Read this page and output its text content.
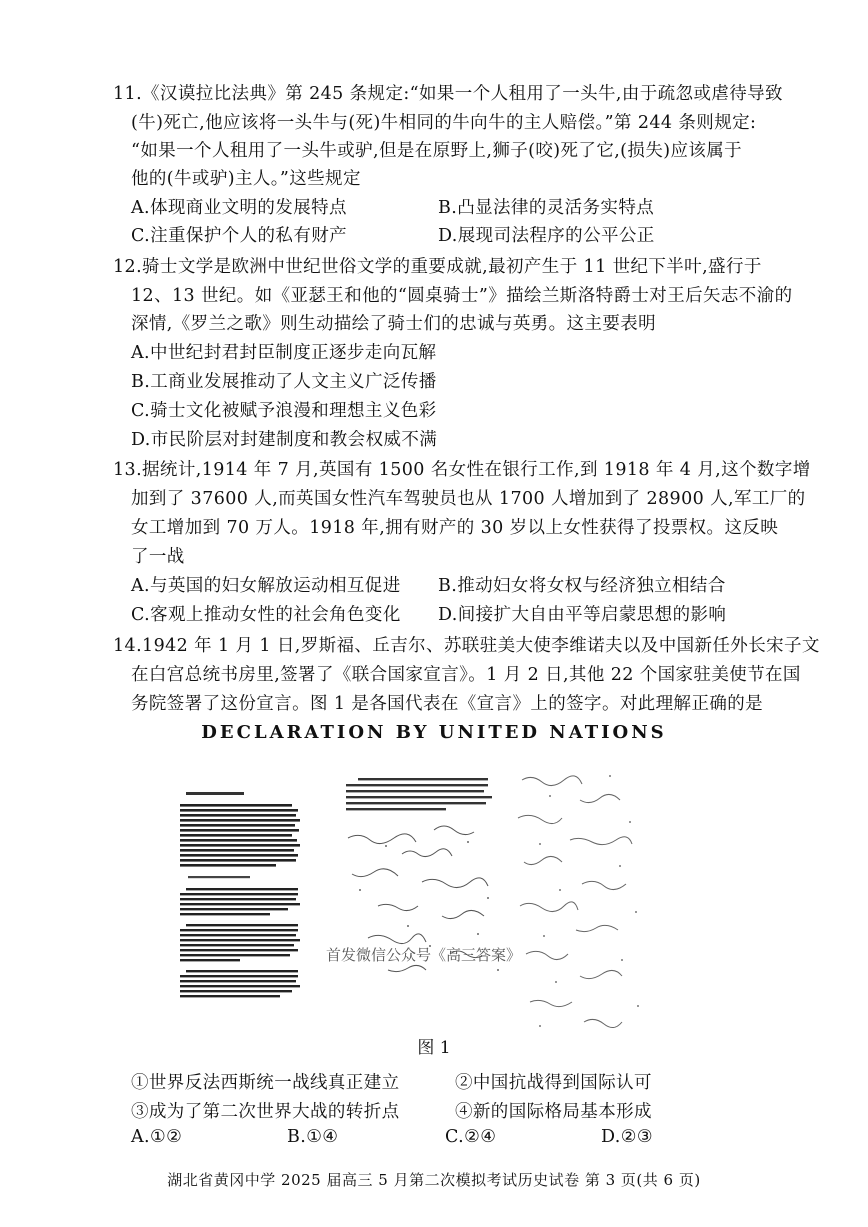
11.《汉谟拉比法典》第 245 条规定:“如果一个人租用了一头牛,由于疏忽或虐待导致
(牛)死亡,他应该将一头牛与(死)牛相同的牛向牛的主人赔偿。”第 244 条则规定:
“如果一个人租用了一头牛或驴,但是在原野上,狮子(咬)死了它,(损失)应该属于
他的(牛或驴)主人。”这些规定
A.体现商业文明的发展特点	B.凸显法律的灵活务实特点
C.注重保护个人的私有财产	D.展现司法程序的公平公正
12.骑士文学是欧洲中世纪世俗文学的重要成就,最初产生于 11 世纪下半叶,盛行于
12、13 世纪。如《亚瑟王和他的“圆桌骑士”》描绘兰斯洛特爵士对王后矢志不渝的
深情,《罗兰之歌》则生动描绘了骑士们的忠诚与英勇。这主要表明
A.中世纪封君封臣制度正逐步走向瓦解
B.工商业发展推动了人文主义广泛传播
C.骑士文化被赋予浪漫和理想主义色彩
D.市民阶层对封建制度和教会权威不满
13.据统计,1914 年 7 月,英国有 1500 名女性在银行工作,到 1918 年 4 月,这个数字增
加到了 37600 人,而英国女性汽车驾驶员也从 1700 人增加到了 28900 人,军工厂的
女工增加到 70 万人。1918 年,拥有财产的 30 岁以上女性获得了投票权。这反映
了一战
A.与英国的妇女解放运动相互促进 B.推动妇女将女权与经济独立相结合
C.客观上推动女性的社会角色变化 D.间接扩大自由平等启蒙思想的影响
14.1942 年 1 月 1 日,罗斯福、丘吉尔、苏联驻美大使李维诺夫以及中国新任外长宋子文
在白宫总统书房里,签署了《联合国家宣言》。1 月 2 日,其他 22 个国家驻美使节在国
务院签署了这份宣言。图 1 是各国代表在《宣言》上的签字。对此理解正确的是
DECLARATION BY UNITED NATIONS
首发微信公众号《高三答案》
图 1
①世界反法西斯统一战线真正建立	②中国抗战得到国际认可
③成为了第二次世界大战的转折点	④新的国际格局基本形成
A.①②	B.①④	C.②④	D.②③
湖北省黄冈中学 2025 届高三 5 月第二次模拟考试历史试卷 第 3 页(共 6 页)
